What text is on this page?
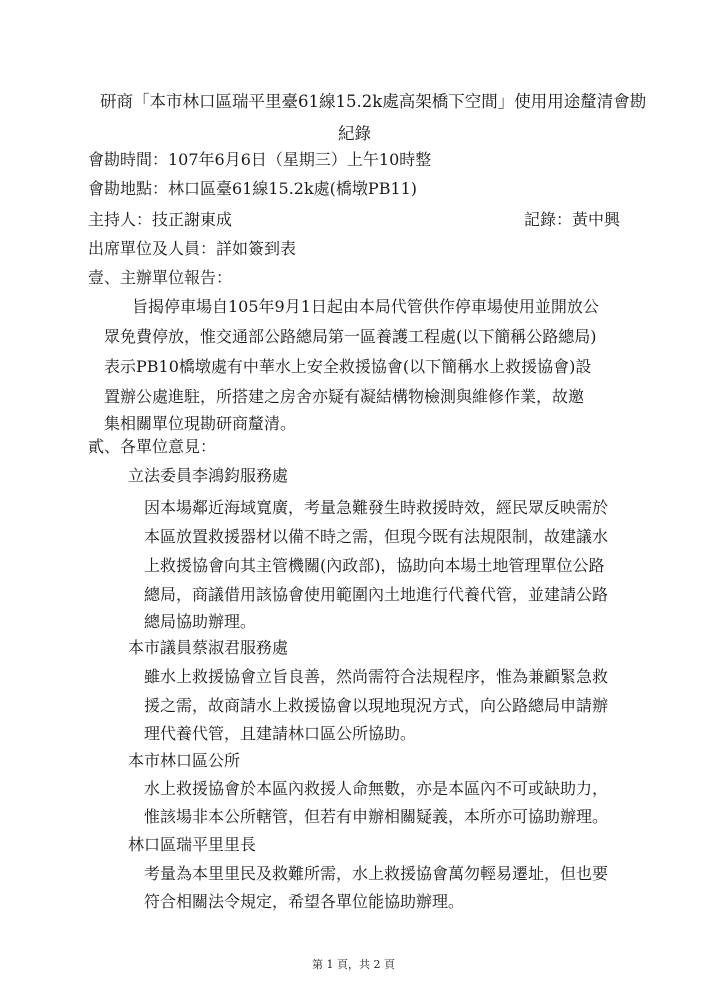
研商「本市林口區瑞平里臺61線15.2k處高架橋下空間」使用用途釐清會勘
紀錄
會勘時間：107年6月6日（星期三）上午10時整
會勘地點：林口區臺61線15.2k處(橋墩PB11)
主持人：技正謝東成	記錄：黃中興
出席單位及人員：詳如簽到表
壹、主辦單位報告：
旨揭停車場自105年9月1日起由本局代管供作停車場使用並開放公
眾免費停放，惟交通部公路總局第一區養護工程處(以下簡稱公路總局)
表示PB10橋墩處有中華水上安全救援協會(以下簡稱水上救援協會)設
置辦公處進駐，所搭建之房舍亦疑有凝結構物檢測與維修作業，故邀
集相關單位現勘研商釐清。
貳、各單位意見：
立法委員李鴻鈞服務處
因本場鄰近海域寬廣，考量急難發生時救援時效，經民眾反映需於
本區放置救援器材以備不時之需，但現今既有法規限制，故建議水
上救援協會向其主管機關(內政部)，協助向本場土地管理單位公路
總局，商議借用該協會使用範圍內土地進行代養代管，並建請公路
總局協助辦理。
本市議員蔡淑君服務處
雖水上救援協會立旨良善，然尚需符合法規程序，惟為兼顧緊急救
援之需，故商請水上救援協會以現地現況方式，向公路總局申請辦
理代養代管，且建請林口區公所協助。
本市林口區公所
水上救援協會於本區內救援人命無數，亦是本區內不可或缺助力，
惟該場非本公所轄管，但若有申辦相關疑義，本所亦可協助辦理。
林口區瑞平里里長
考量為本里里民及救難所需，水上救援協會萬勿輕易遷址，但也要
符合相關法令規定，希望各單位能協助辦理。
第 1 頁，共 2 頁
